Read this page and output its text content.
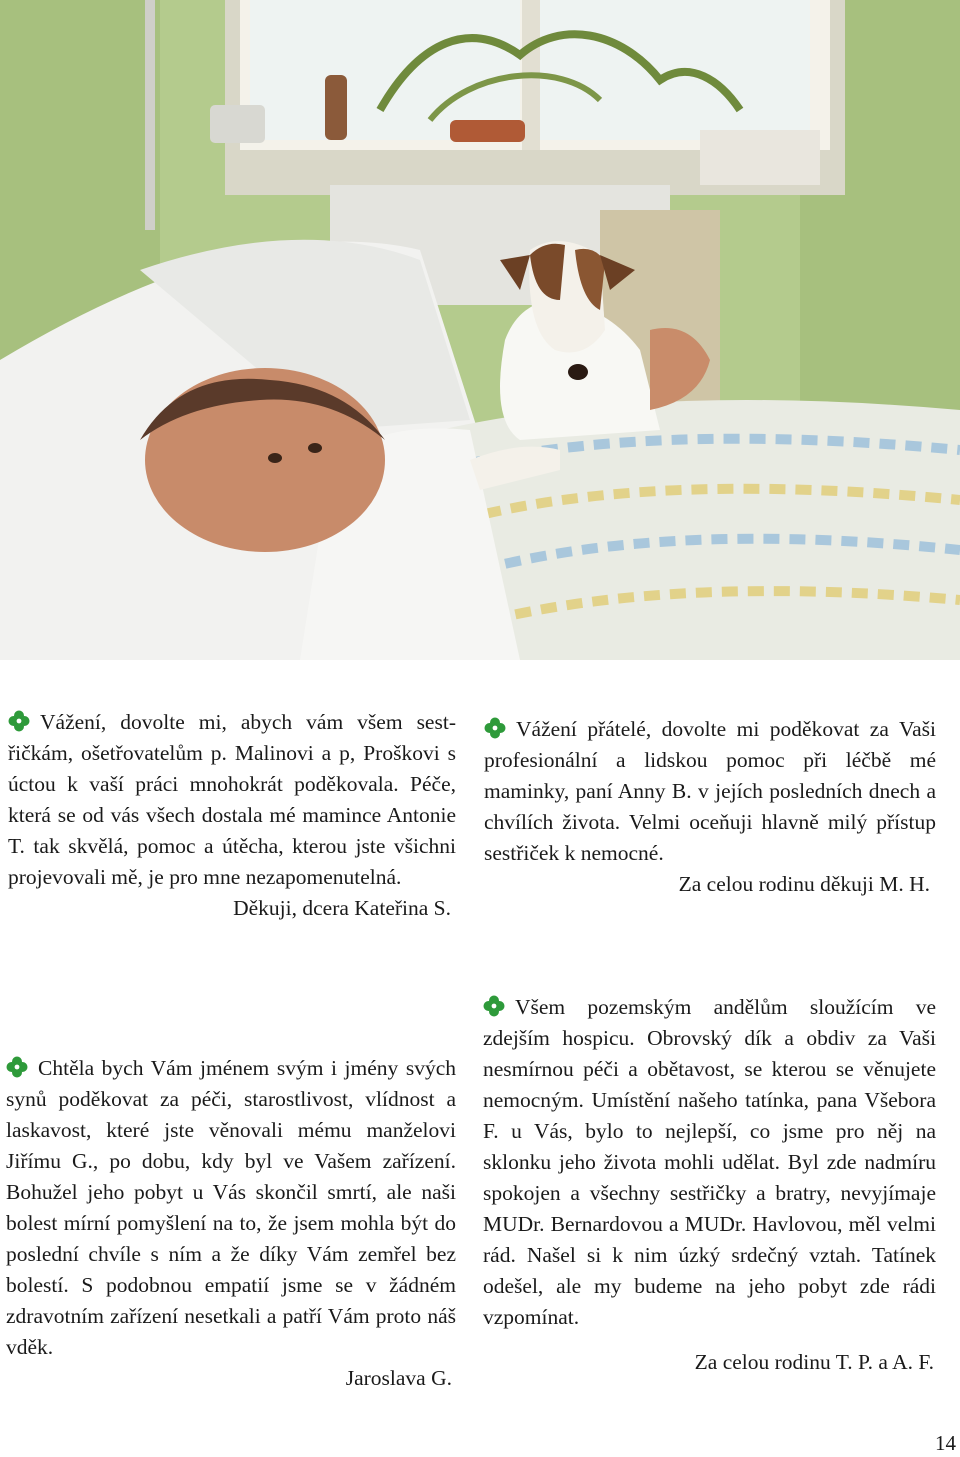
Vážení, dovolte mi, abych vám všem sestřičkám, ošetřovatelům p. Malinovi a p, Proškovi s úctou k vaší práci mnohokrát poděkovala. Péče, která se od vás všech dostala mé mamince Antonie T. tak skvělá, pomoc a útěcha, kterou jste všichni projevovali mě, je pro mne nezapomenutelná.

Děkuji, dcera Kateřina S.

Vážení přátelé, dovolte mi poděkovat za Vaši profesionální a lidskou pomoc při léčbě mé maminky, paní Anny B. v jejích posledních dnech a chvílích života. Velmi oceňuji hlavně milý přístup sestřiček k nemocné.

Za celou rodinu děkuji M. H.

Chtěla bych Vám jménem svým i jmény svých synů poděkovat za péči, starostlivost, vlídnost a laskavost, které jste věnovali mému manželovi Jiřímu G., po dobu, kdy byl ve Vašem zařízení. Bohužel jeho pobyt u Vás skončil smrtí, ale naši bolest mírní pomyšlení na to, že jsem mohla být do poslední chvíle s ním a že díky Vám zemřel bez bolestí. S podobnou empatií jsme se v žádném zdravotním zařízení nesetkali a patří Vám proto náš vděk.

Jaroslava G.

Všem pozemským andělům sloužícím ve zdejším hospicu. Obrovský dík a obdiv za Vaši nesmírnou péči a obětavost, se kterou se věnujete nemocným. Umístění našeho tatínka, pana Všebora F. u Vás, bylo to nejlepší, co jsme pro něj na sklonku jeho života mohli udělat. Byl zde nadmíru spokojen a všechny sestřičky a bratry, nevyjímaje MUDr. Bernardovou a MUDr. Havlovou, měl velmi rád. Našel si k nim úzký srdečný vztah. Tatínek odešel, ale my budeme na jeho pobyt zde rádi vzpomínat.

Za celou rodinu T. P. a A. F.
14
